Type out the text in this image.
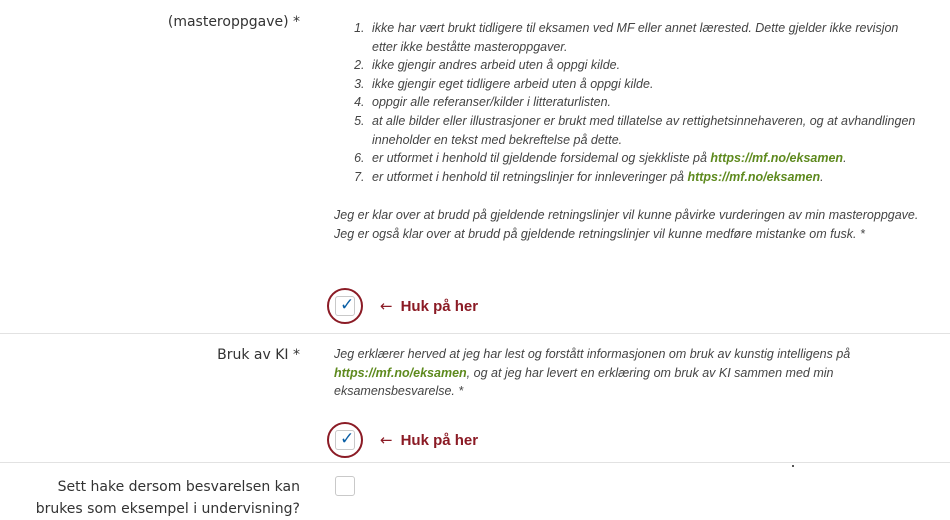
(masteroppgave) *
1.	ikke har vært brukt tidligere til eksamen ved MF eller annet lærested. Dette gjelder ikke revisjon etter ikke beståtte masteroppgaver.
2. ikke gjengir andres arbeid uten å oppgi kilde.
3. ikke gjengir eget tidligere arbeid uten å oppgi kilde.
4. oppgir alle referanser/kilder i litteraturlisten.
5. at alle bilder eller illustrasjoner er brukt med tillatelse av rettighetsinnehaveren, og at avhandlingen inneholder en tekst med bekreftelse på dette.
6. er utformet i henhold til gjeldende forsidemal og sjekkliste på https://mf.no/eksamen.
7. er utformet i henhold til retningslinjer for innleveringer på https://mf.no/eksamen.

Jeg er klar over at brudd på gjeldende retningslinjer vil kunne påvirke vurderingen av min masteroppgave. Jeg er også klar over at brudd på gjeldende retningslinjer vil kunne medføre mistanke om fusk. *

✓ ← Huk på her
Bruk av KI *	Jeg erklærer herved at jeg har lest og forstått informasjonen om bruk av kunstig intelligens på https://mf.no/eksamen, og at jeg har levert en erklæring om bruk av KI sammen med min eksamensbesvarelse. *

✓ ← Huk på her
Sett hake dersom besvarelsen kan
brukes som eksempel i undervisning?
